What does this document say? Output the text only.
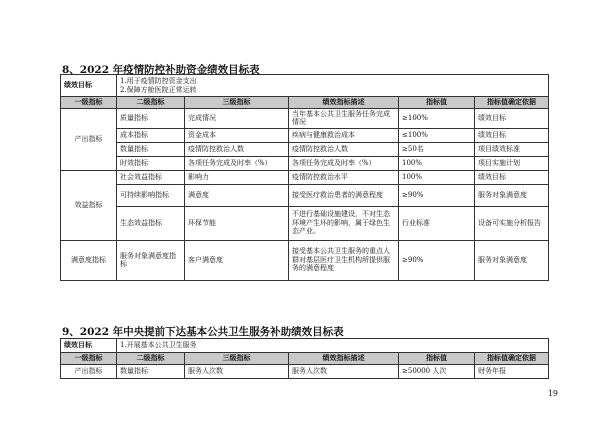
8、2022 年疫情防控补助资金绩效目标表
绩效目标	1.用于疫情防控资金支出
2.保障方舱医院正常运转				

一级指标	二级指标	三级指标	绩效指标描述	指标值	指标值确定依据
产出指标	质量指标	完成情况	当年基本公共卫生服务任务完成情况	≥100%	绩效目标
	成本指标	资金成本	疾病与健康救治成本	≤100%	绩效目标
	数量指标	疫情防控救治人数	疫情防控救治人数	≥50名	项目绩效标准
	时效指标	各项任务完成及时率（%）	各项任务完成及时率（%）	100%	项目实施计划
效益指标	社会效益指标	影响力	疫情防控救治水平	100%	绩效目标
	可持续影响指标	满意度	接受医疗救治患者的满意程度	≥90%	服务对象满意度
	生态效益指标	环保节能	不进行基础设施建设，不对生态环境产生坏的影响，属于绿色生态产业。	行业标准	设备可实施分析报告
满意度指标	服务对象满意度指标	客户满意度	接受基本公共卫生服务的重点人群对基层医疗卫生机构所提供服务的满意程度	≥90%	服务对象满意度
9、2022 年中央提前下达基本公共卫生服务补助绩效目标表
绩效目标	1.开展基本公共卫生服务				

一级指标	二级指标	三级指标	绩效指标描述	指标值	指标值确定依据
产出指标	数量指标	服务人次数	服务人次数	≥50000 人次	财务年报
19
